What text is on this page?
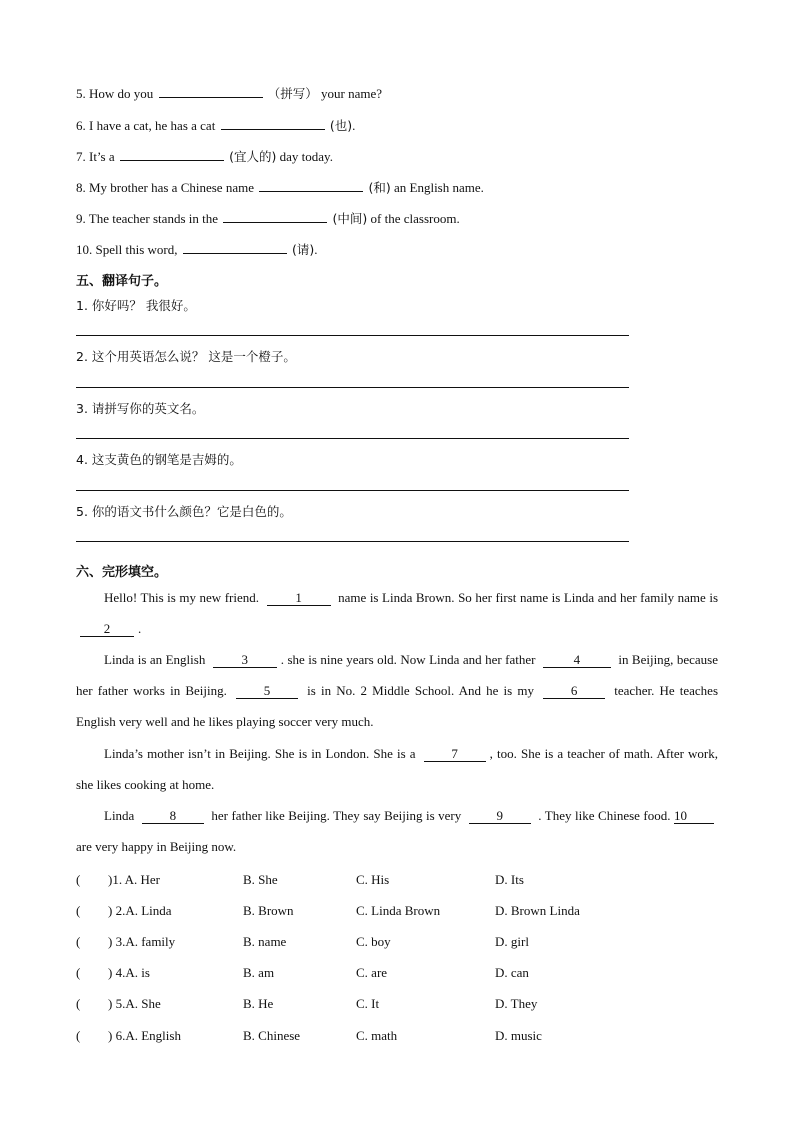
5. How do you	（拼写） your name?
6. I have a cat, he has a cat	(也).
7. It’s a	(宜人的) day today.
8. My brother has a Chinese name	(和) an English name.
9. The teacher stands in the	(中间) of the classroom.
10. Spell this word,	(请).
五、翻译句子。
1. 你好吗？ 我很好。
2. 这个用英语怎么说？ 这是一个橙子。
3. 请拼写你的英文名。
4. 这支黄色的钢笔是吉姆的。
5. 你的语文书什么颜色？它是白色的。
六、完形填空。
Hello! This is my new friend.	1	name is Linda Brown. So her first name is Linda and her family name is 2 .
Linda is an English	3	. she is nine years old. Now Linda and her father	4	in Beijing, because her father works in Beijing.	5	is in No. 2 Middle School. And he is my	6	teacher. He teaches English very well and he likes playing soccer very much.
Linda’s mother isn’t in Beijing. She is in London. She is a	7 , too. She is a teacher of math. After work, she likes cooking at home.
Linda	8	her father like Beijing. They say Beijing is very	9	. They like Chinese food. 10 are very happy in Beijing now.
( )1. A. Her	B. She	C. His	D. Its
( ) 2.A. Linda	B. Brown	C. Linda Brown	D. Brown Linda
( ) 3.A. family	B. name	C. boy	D. girl
( ) 4.A. is	B. am	C. are	D. can
( ) 5.A. She	B. He	C. It	D. They
( ) 6.A. English	B. Chinese	C. math	D. music
